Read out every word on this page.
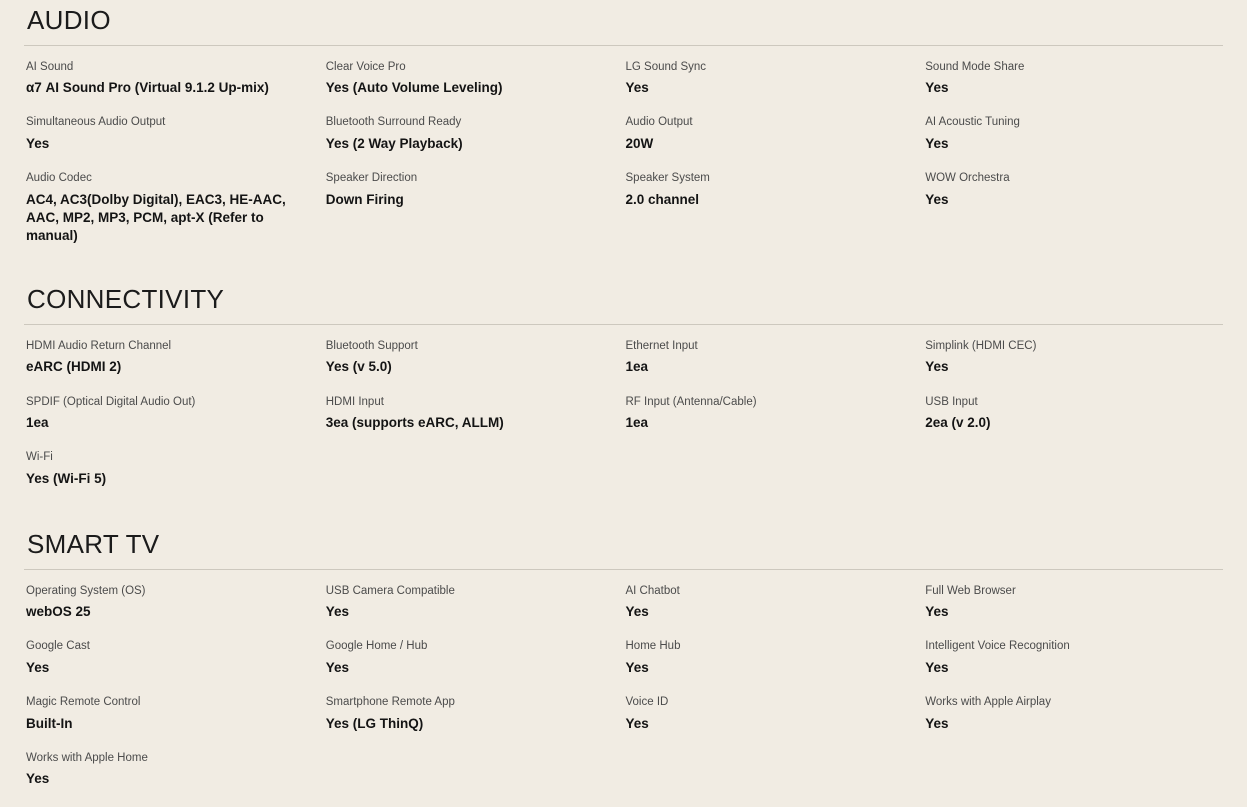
AUDIO
AI Sound
α7 AI Sound Pro (Virtual 9.1.2 Up-mix)
Clear Voice Pro
Yes (Auto Volume Leveling)
LG Sound Sync
Yes
Sound Mode Share
Yes
Simultaneous Audio Output
Yes
Bluetooth Surround Ready
Yes (2 Way Playback)
Audio Output
20W
AI Acoustic Tuning
Yes
Audio Codec
AC4, AC3(Dolby Digital), EAC3, HE-AAC, AAC, MP2, MP3, PCM, apt-X (Refer to manual)
Speaker Direction
Down Firing
Speaker System
2.0 channel
WOW Orchestra
Yes
CONNECTIVITY
HDMI Audio Return Channel
eARC (HDMI 2)
Bluetooth Support
Yes (v 5.0)
Ethernet Input
1ea
Simplink (HDMI CEC)
Yes
SPDIF (Optical Digital Audio Out)
1ea
HDMI Input
3ea (supports eARC, ALLM)
RF Input (Antenna/Cable)
1ea
USB Input
2ea (v 2.0)
Wi-Fi
Yes (Wi-Fi 5)
SMART TV
Operating System (OS)
webOS 25
USB Camera Compatible
Yes
AI Chatbot
Yes
Full Web Browser
Yes
Google Cast
Yes
Google Home / Hub
Yes
Home Hub
Yes
Intelligent Voice Recognition
Yes
Magic Remote Control
Built-In
Smartphone Remote App
Yes (LG ThinQ)
Voice ID
Yes
Works with Apple Airplay
Yes
Works with Apple Home
Yes
